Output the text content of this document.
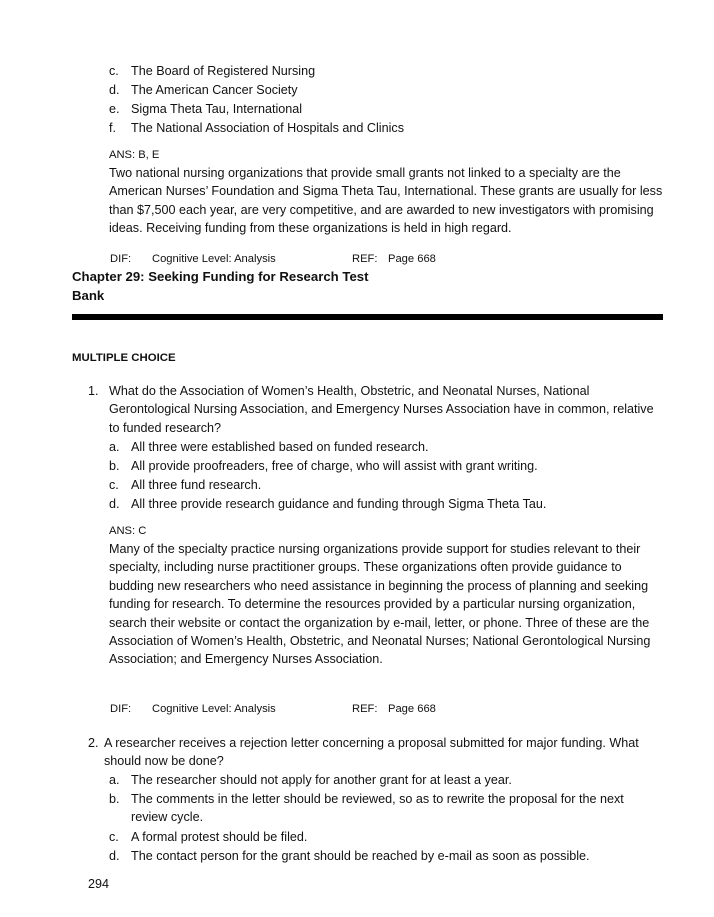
c. The Board of Registered Nursing
d. The American Cancer Society
e. Sigma Theta Tau, International
f. The National Association of Hospitals and Clinics
ANS: B, E
Two national nursing organizations that provide small grants not linked to a specialty are the American Nurses’ Foundation and Sigma Theta Tau, International. These grants are usually for less than $7,500 each year, are very competitive, and are awarded to new investigators with promising ideas. Receiving funding from these organizations is held in high regard.
DIF: Cognitive Level: Analysis	REF: Page 668
Chapter 29: Seeking Funding for Research Test
Bank
MULTIPLE CHOICE
1. What do the Association of Women’s Health, Obstetric, and Neonatal Nurses, National Gerontological Nursing Association, and Emergency Nurses Association have in common, relative to funded research?
a. All three were established based on funded research.
b. All provide proofreaders, free of charge, who will assist with grant writing.
c. All three fund research.
d. All three provide research guidance and funding through Sigma Theta Tau.
ANS: C
Many of the specialty practice nursing organizations provide support for studies relevant to their specialty, including nurse practitioner groups. These organizations often provide guidance to budding new researchers who need assistance in beginning the process of planning and seeking funding for research. To determine the resources provided by a particular nursing organization, search their website or contact the organization by e-mail, letter, or phone. Three of these are the Association of Women’s Health, Obstetric, and Neonatal Nurses; National Gerontological Nursing Association; and Emergency Nurses Association.
DIF: Cognitive Level: Analysis	REF: Page 668
2. A researcher receives a rejection letter concerning a proposal submitted for major funding. What should now be done?
a. The researcher should not apply for another grant for at least a year.
b. The comments in the letter should be reviewed, so as to rewrite the proposal for the next review cycle.
c. A formal protest should be filed.
d. The contact person for the grant should be reached by e-mail as soon as possible.
294
